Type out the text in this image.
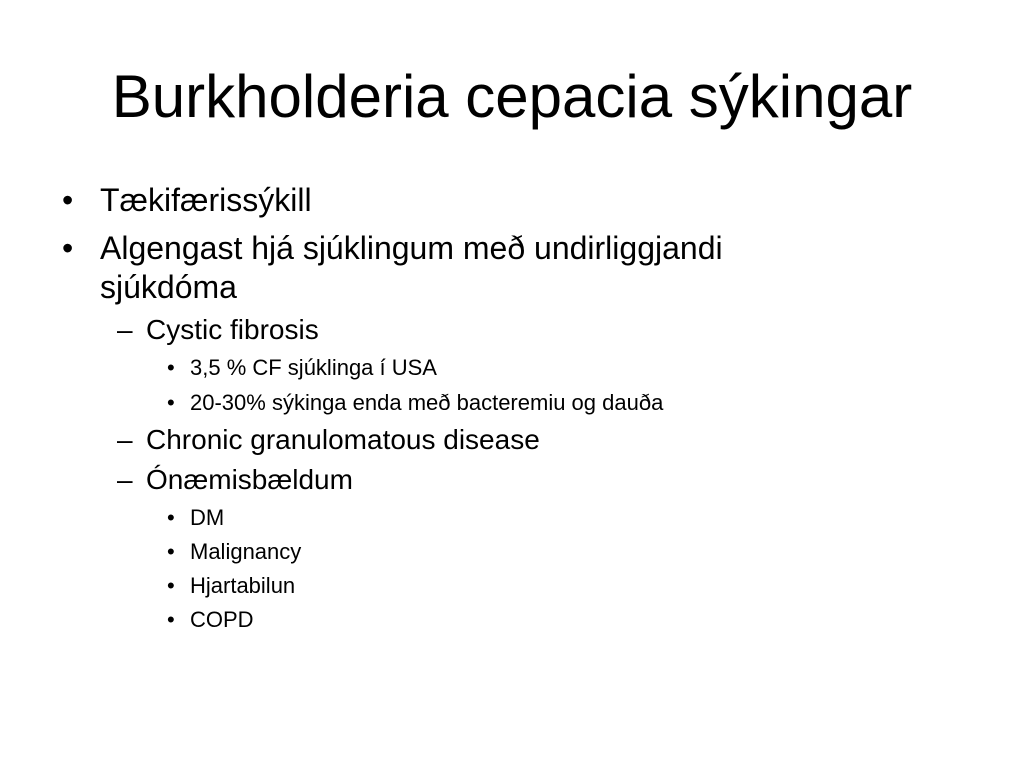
Burkholderia cepacia sýkingar
• Tækifærissýkill
• Algengast hjá sjúklingum með undirliggjandi
sjúkdóma
– Cystic fibrosis
• 3,5 % CF sjúklinga í USA
• 20-30% sýkinga enda með bacteremiu og dauða
– Chronic granulomatous disease
– Ónæmisbældum
• DM
• Malignancy
• Hjartabilun
• COPD
